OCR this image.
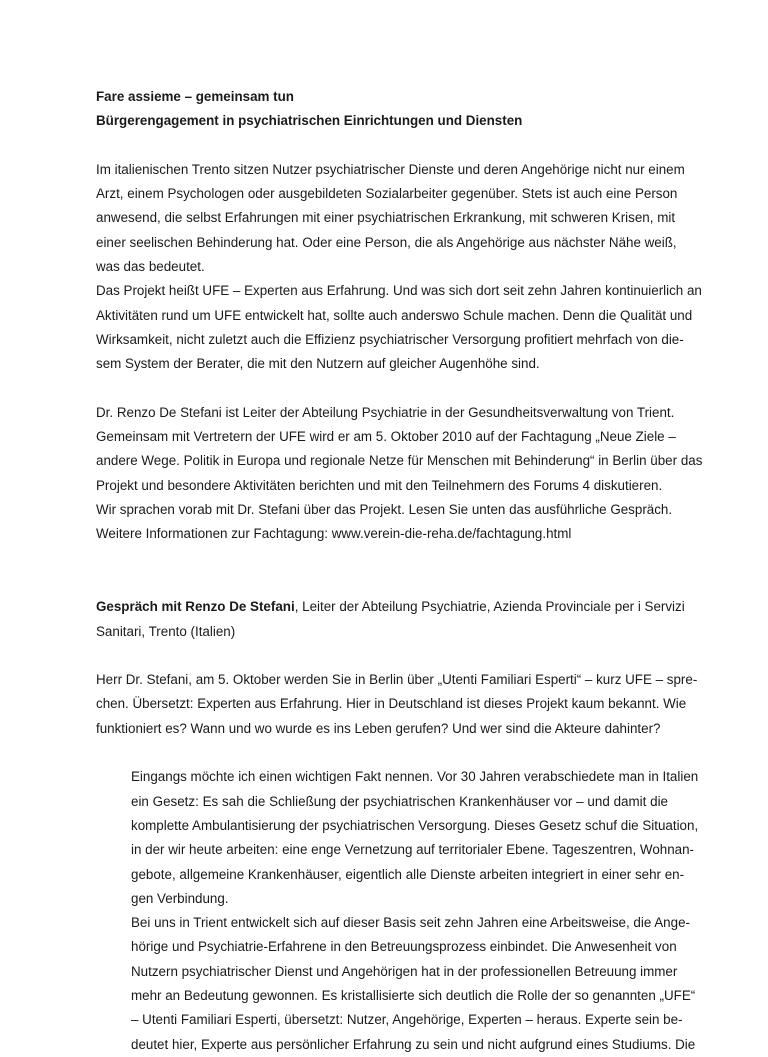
Fare assieme – gemeinsam tun
Bürgerengagement in psychiatrischen Einrichtungen und Diensten
Im italienischen Trento sitzen Nutzer psychiatrischer Dienste und deren Angehörige nicht nur einem
Arzt, einem Psychologen oder ausgebildeten Sozialarbeiter gegenüber. Stets ist auch eine Person
anwesend, die selbst Erfahrungen mit einer psychiatrischen Erkrankung, mit schweren Krisen, mit
einer seelischen Behinderung hat. Oder eine Person, die als Angehörige aus nächster Nähe weiß,
was das bedeutet.
Das Projekt heißt UFE – Experten aus Erfahrung. Und was sich dort seit zehn Jahren kontinuierlich an
Aktivitäten rund um UFE entwickelt hat, sollte auch anderswo Schule machen. Denn die Qualität und
Wirksamkeit, nicht zuletzt auch die Effizienz psychiatrischer Versorgung profitiert mehrfach von die-
sem System der Berater, die mit den Nutzern auf gleicher Augenhöhe sind.
Dr. Renzo De Stefani ist Leiter der Abteilung Psychiatrie in der Gesundheitsverwaltung von Trient.
Gemeinsam mit Vertretern der UFE wird er am 5. Oktober 2010 auf der Fachtagung „Neue Ziele –
andere Wege. Politik in Europa und regionale Netze für Menschen mit Behinderung“ in Berlin über das
Projekt und besondere Aktivitäten berichten und mit den Teilnehmern des Forums 4 diskutieren.
Wir sprachen vorab mit Dr. Stefani über das Projekt. Lesen Sie unten das ausführliche Gespräch.
Weitere Informationen zur Fachtagung: www.verein-die-reha.de/fachtagung.html
Gespräch mit Renzo De Stefani, Leiter der Abteilung Psychiatrie, Azienda Provinciale per i Servizi
Sanitari, Trento (Italien)
Herr Dr. Stefani, am 5. Oktober werden Sie in Berlin über „Utenti Familiari Esperti“ – kurz UFE – spre-
chen. Übersetzt: Experten aus Erfahrung. Hier in Deutschland ist dieses Projekt kaum bekannt. Wie
funktioniert es? Wann und wo wurde es ins Leben gerufen? Und wer sind die Akteure dahinter?
Eingangs möchte ich einen wichtigen Fakt nennen. Vor 30 Jahren verabschiedete man in Italien
ein Gesetz: Es sah die Schließung der psychiatrischen Krankenhäuser vor – und damit die
komplette Ambulantisierung der psychiatrischen Versorgung. Dieses Gesetz schuf die Situation,
in der wir heute arbeiten: eine enge Vernetzung auf territorialer Ebene. Tageszentren, Wohnan-
gebote, allgemeine Krankenhäuser, eigentlich alle Dienste arbeiten integriert in einer sehr en-
gen Verbindung.
Bei uns in Trient entwickelt sich auf dieser Basis seit zehn Jahren eine Arbeitsweise, die Ange-
hörige und Psychiatrie-Erfahrene in den Betreuungsprozess einbindet. Die Anwesenheit von
Nutzern psychiatrischer Dienst und Angehörigen hat in der professionellen Betreuung immer
mehr an Bedeutung gewonnen. Es kristallisierte sich deutlich die Rolle der so genannten „UFE“
– Utenti Familiari Esperti, übersetzt: Nutzer, Angehörige, Experten – heraus. Experte sein be-
deutet hier, Experte aus persönlicher Erfahrung zu sein und nicht aufgrund eines Studiums. Die
